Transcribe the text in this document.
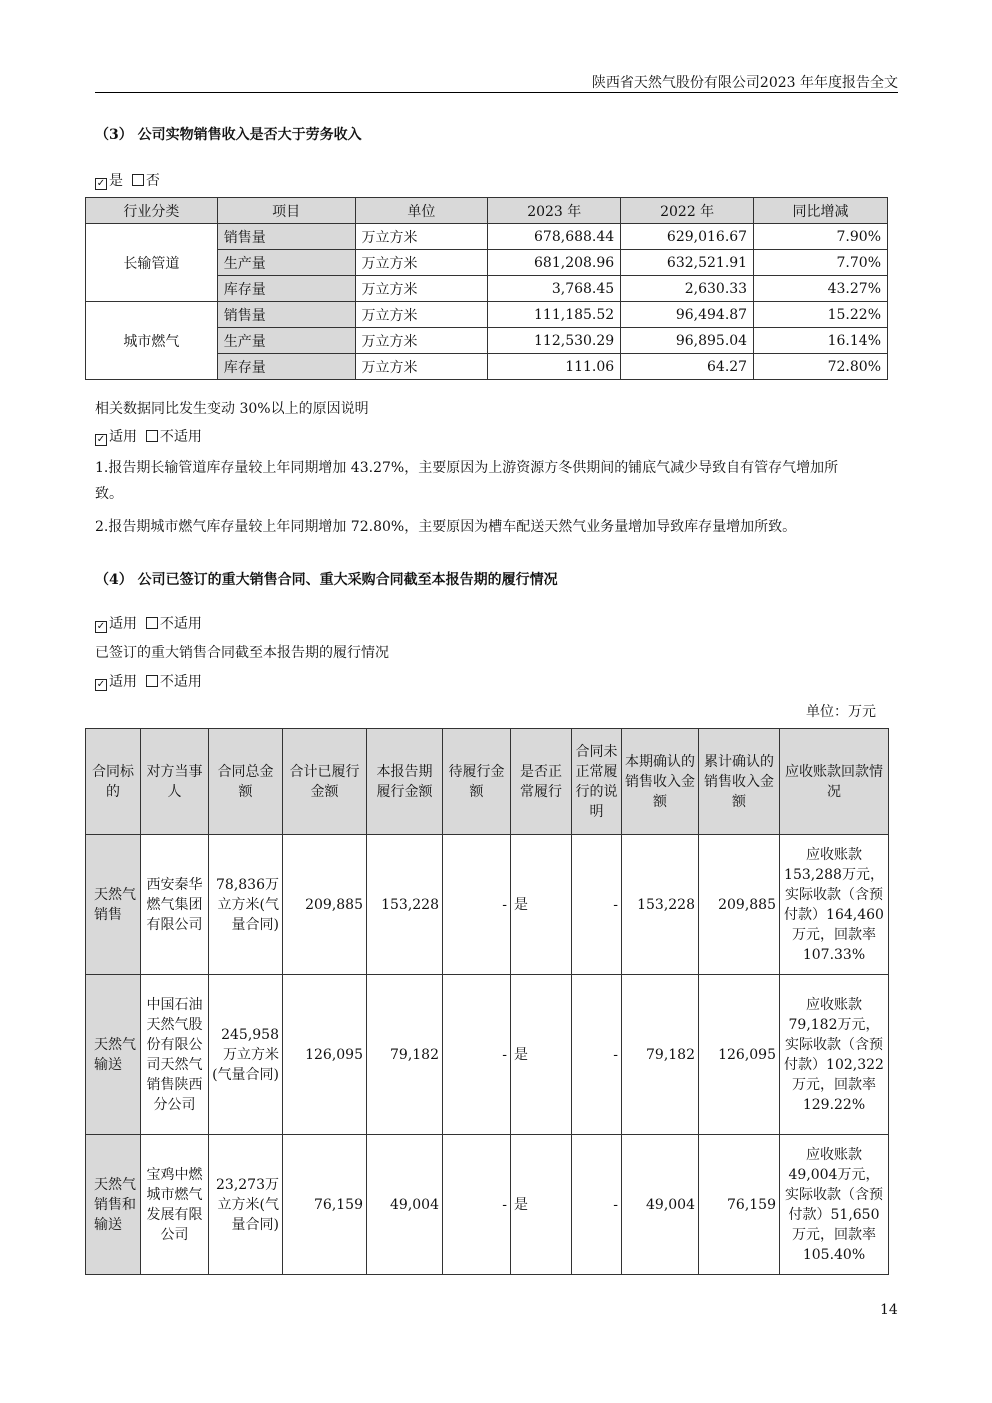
陕西省天然气股份有限公司2023 年年度报告全文
（3） 公司实物销售收入是否大于劳务收入
✓ 是 否
行业分类	项目	单位	2023 年	2022 年	同比增减
长输管道	销售量	万立方米	678,688.44	629,016.67	7.90%
	生产量	万立方米	681,208.96	632,521.91	7.70%
	库存量	万立方米	3,768.45	2,630.33	43.27%
城市燃气	销售量	万立方米	111,185.52	96,494.87	15.22%
	生产量	万立方米	112,530.29	96,895.04	16.14%
	库存量	万立方米	111.06	64.27	72.80%
相关数据同比发生变动 30%以上的原因说明
✓ 适用 不适用
1.报告期长输管道库存量较上年同期增加 43.27%，主要原因为上游资源方冬供期间的铺底气减少导致自有管存气增加所
致。
2.报告期城市燃气库存量较上年同期增加 72.80%，主要原因为槽车配送天然气业务量增加导致库存量增加所致。
（4） 公司已签订的重大销售合同、重大采购合同截至本报告期的履行情况
✓ 适用 不适用
已签订的重大销售合同截至本报告期的履行情况
✓ 适用 不适用
单位：万元
合同标的	对方当事人	合同总金额	合计已履行金额	本报告期履行金额	待履行金额	是否正常履行	合同未正常履行的说明	本期确认的销售收入金额	累计确认的销售收入金额	应收账款回款情况
天然气销售	西安秦华燃气集团有限公司	78,836万立方米(气量合同)	209,885	153,228	-	是	-	153,228	209,885	应收账款153,288万元，实际收款（含预付款）164,460万元，回款率107.33%
天然气输送	中国石油天然气股份有限公司天然气销售陕西分公司	245,958万立方米(气量合同)	126,095	79,182	-	是	-	79,182	126,095	应收账款79,182万元，实际收款（含预付款）102,322万元，回款率129.22%
天然气销售和输送	宝鸡中燃城市燃气发展有限公司	23,273万立方米(气量合同)	76,159	49,004	-	是	-	49,004	76,159	应收账款49,004万元，实际收款（含预付款）51,650万元，回款率105.40%
14
